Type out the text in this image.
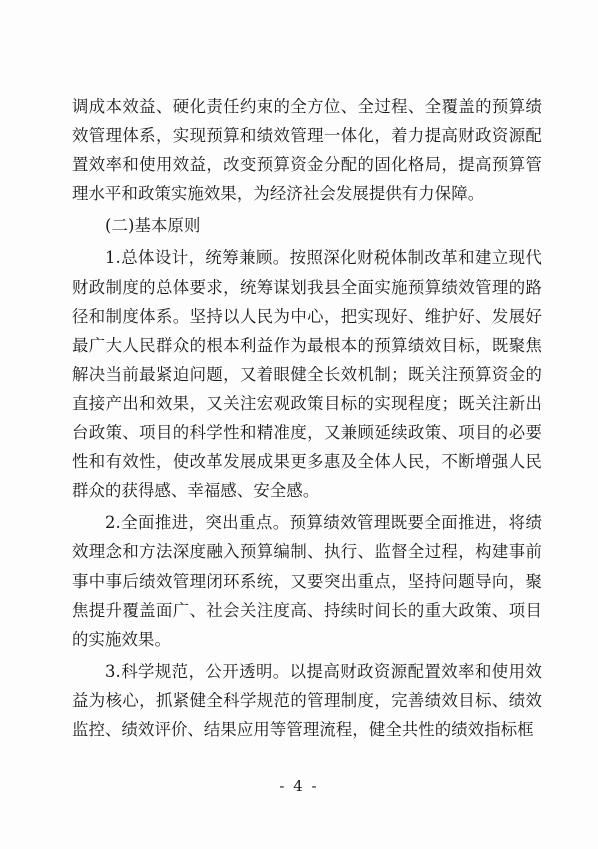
调成本效益、硬化责任约束的全方位、全过程、全覆盖的预算绩效管理体系，实现预算和绩效管理一体化，着力提高财政资源配置效率和使用效益，改变预算资金分配的固化格局，提高预算管理水平和政策实施效果，为经济社会发展提供有力保障。

(二)基本原则

1.总体设计，统筹兼顾。按照深化财税体制改革和建立现代财政制度的总体要求，统筹谋划我县全面实施预算绩效管理的路径和制度体系。坚持以人民为中心，把实现好、维护好、发展好最广大人民群众的根本利益作为最根本的预算绩效目标，既聚焦解决当前最紧迫问题，又着眼健全长效机制；既关注预算资金的直接产出和效果，又关注宏观政策目标的实现程度；既关注新出台政策、项目的科学性和精准度，又兼顾延续政策、项目的必要性和有效性，使改革发展成果更多惠及全体人民，不断增强人民群众的获得感、幸福感、安全感。

2.全面推进，突出重点。预算绩效管理既要全面推进，将绩效理念和方法深度融入预算编制、执行、监督全过程，构建事前事中事后绩效管理闭环系统，又要突出重点，坚持问题导向，聚焦提升覆盖面广、社会关注度高、持续时间长的重大政策、项目的实施效果。

3.科学规范，公开透明。以提高财政资源配置效率和使用效益为核心，抓紧健全科学规范的管理制度，完善绩效目标、绩效监控、绩效评价、结果应用等管理流程，健全共性的绩效指标框

- 4 -
